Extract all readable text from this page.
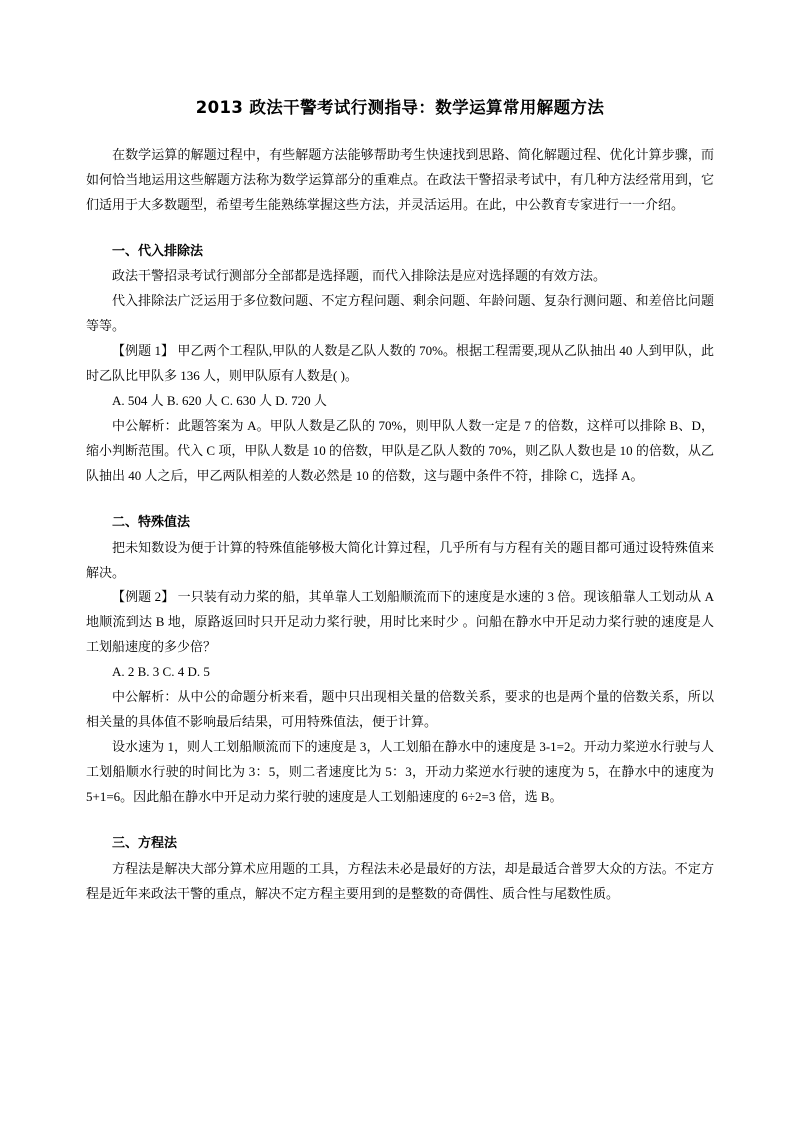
2013 政法干警考试行测指导：数学运算常用解题方法

在数学运算的解题过程中，有些解题方法能够帮助考生快速找到思路、简化解题过程、优化计算步骤，而如何恰当地运用这些解题方法称为数学运算部分的重难点。在政法干警招录考试中，有几种方法经常用到，它们适用于大多数题型，希望考生能熟练掌握这些方法，并灵活运用。在此，中公教育专家进行一一介绍。

一、代入排除法

政法干警招录考试行测部分全部都是选择题，而代入排除法是应对选择题的有效方法。

代入排除法广泛运用于多位数问题、不定方程问题、剩余问题、年龄问题、复杂行测问题、和差倍比问题等等。

【例题 1】 甲乙两个工程队,甲队的人数是乙队人数的 70%。根据工程需要,现从乙队抽出 40 人到甲队，此时乙队比甲队多 136 人，则甲队原有人数是( )。

A. 504 人 B. 620 人 C. 630 人 D. 720 人

中公解析：此题答案为 A。甲队人数是乙队的 70%，则甲队人数一定是 7 的倍数，这样可以排除 B、D，缩小判断范围。代入 C 项，甲队人数是 10 的倍数，甲队是乙队人数的 70%，则乙队人数也是 10 的倍数，从乙队抽出 40 人之后，甲乙两队相差的人数必然是 10 的倍数，这与题中条件不符，排除 C，选择 A。

二、特殊值法

把未知数设为便于计算的特殊值能够极大简化计算过程，几乎所有与方程有关的题目都可通过设特殊值来解决。

【例题 2】 一只装有动力桨的船，其单靠人工划船顺流而下的速度是水速的 3 倍。现该船靠人工划动从 A 地顺流到达 B 地，原路返回时只开足动力桨行驶，用时比来时少 。问船在静水中开足动力桨行驶的速度是人工划船速度的多少倍？

A. 2 B. 3 C. 4 D. 5

中公解析：从中公的命题分析来看，题中只出现相关量的倍数关系，要求的也是两个量的倍数关系，所以相关量的具体值不影响最后结果，可用特殊值法，便于计算。

设水速为 1，则人工划船顺流而下的速度是 3，人工划船在静水中的速度是 3-1=2。开动力桨逆水行驶与人工划船顺水行驶的时间比为 3：5，则二者速度比为 5：3，开动力桨逆水行驶的速度为 5，在静水中的速度为 5+1=6。因此船在静水中开足动力桨行驶的速度是人工划船速度的 6÷2=3 倍，选 B。

三、方程法

方程法是解决大部分算术应用题的工具，方程法未必是最好的方法，却是最适合普罗大众的方法。不定方程是近年来政法干警的重点，解决不定方程主要用到的是整数的奇偶性、质合性与尾数性质。
